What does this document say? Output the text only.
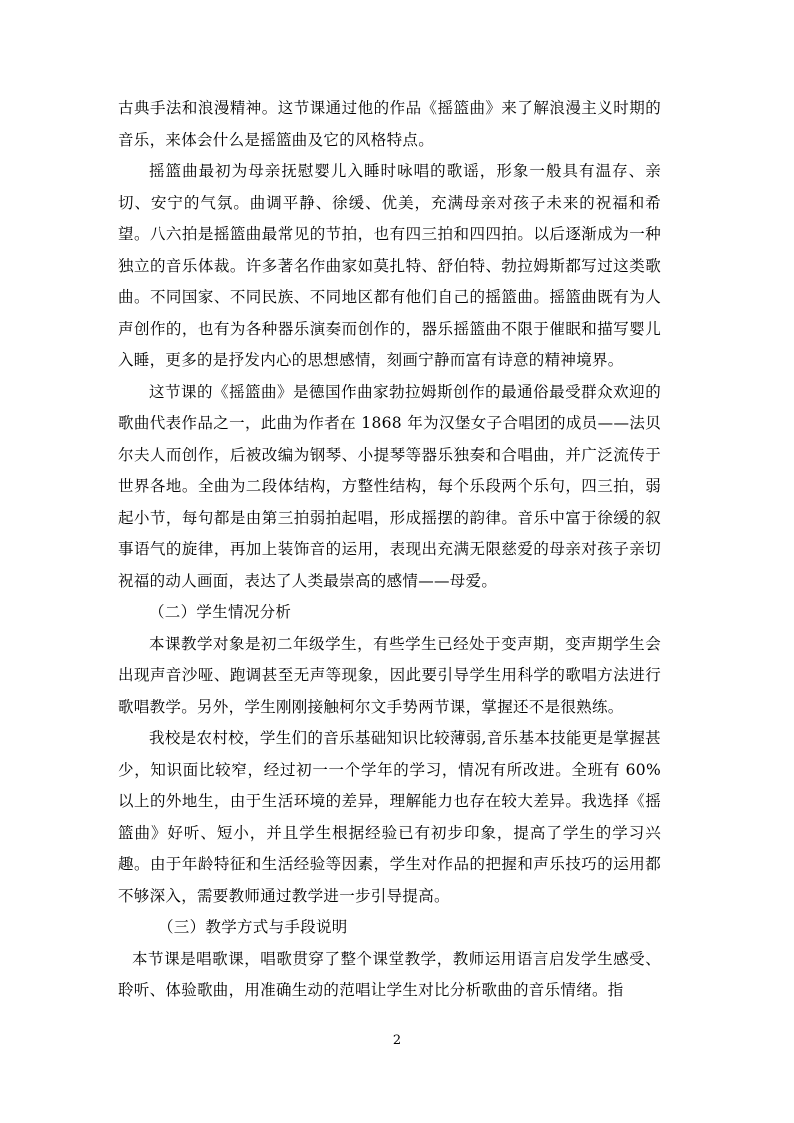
古典手法和浪漫精神。这节课通过他的作品《摇篮曲》来了解浪漫主义时期的音乐，来体会什么是摇篮曲及它的风格特点。

摇篮曲最初为母亲抚慰婴儿入睡时咏唱的歌谣，形象一般具有温存、亲切、安宁的气氛。曲调平静、徐缓、优美，充满母亲对孩子未来的祝福和希望。八六拍是摇篮曲最常见的节拍，也有四三拍和四四拍。以后逐渐成为一种独立的音乐体裁。许多著名作曲家如莫扎特、舒伯特、勃拉姆斯都写过这类歌曲。不同国家、不同民族、不同地区都有他们自己的摇篮曲。摇篮曲既有为人声创作的，也有为各种器乐演奏而创作的，器乐摇篮曲不限于催眠和描写婴儿入睡，更多的是抒发内心的思想感情，刻画宁静而富有诗意的精神境界。

这节课的《摇篮曲》是德国作曲家勃拉姆斯创作的最通俗最受群众欢迎的歌曲代表作品之一，此曲为作者在 1868 年为汉堡女子合唱团的成员——法贝尔夫人而创作，后被改编为钢琴、小提琴等器乐独奏和合唱曲，并广泛流传于世界各地。全曲为二段体结构，方整性结构，每个乐段两个乐句，四三拍，弱起小节，每句都是由第三拍弱拍起唱，形成摇摆的韵律。音乐中富于徐缓的叙事语气的旋律，再加上装饰音的运用，表现出充满无限慈爱的母亲对孩子亲切祝福的动人画面，表达了人类最崇高的感情——母爱。

（二）学生情况分析

本课教学对象是初二年级学生，有些学生已经处于变声期，变声期学生会出现声音沙哑、跑调甚至无声等现象，因此要引导学生用科学的歌唱方法进行歌唱教学。另外，学生刚刚接触柯尔文手势两节课，掌握还不是很熟练。

我校是农村校，学生们的音乐基础知识比较薄弱,音乐基本技能更是掌握甚少，知识面比较窄，经过初一一个学年的学习，情况有所改进。全班有 60%以上的外地生，由于生活环境的差异，理解能力也存在较大差异。我选择《摇篮曲》好听、短小，并且学生根据经验已有初步印象，提高了学生的学习兴趣。由于年龄特征和生活经验等因素，学生对作品的把握和声乐技巧的运用都不够深入，需要教师通过教学进一步引导提高。

（三）教学方式与手段说明

本节课是唱歌课，唱歌贯穿了整个课堂教学，教师运用语言启发学生感受、聆听、体验歌曲，用准确生动的范唱让学生对比分析歌曲的音乐情绪。指

2
